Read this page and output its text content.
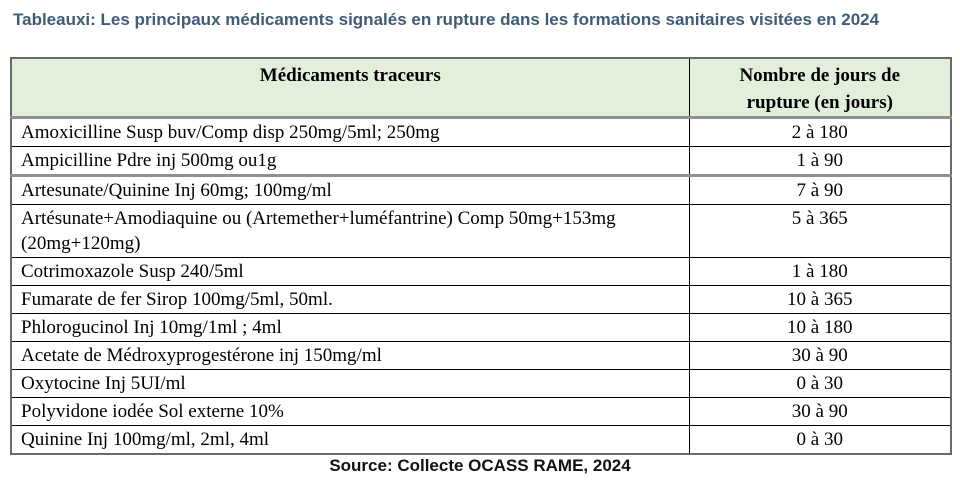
Tableauxi: Les principaux médicaments signalés en rupture dans les formations sanitaires visitées en 2024
Médicaments traceurs	Nombre de jours de
rupture (en jours)
Amoxicilline Susp buv/Comp disp 250mg/5ml; 250mg	2 à 180
Ampicilline Pdre inj 500mg ou1g	1 à 90
Artesunate/Quinine Inj 60mg; 100mg/ml	7 à 90
Artésunate+Amodiaquine ou (Artemether+luméfantrine) Comp 50mg+153mg (20mg+120mg)	5 à 365
Cotrimoxazole Susp 240/5ml	1 à 180
Fumarate de fer Sirop 100mg/5ml, 50ml.	10 à 365
Phlorogucinol Inj 10mg/1ml ; 4ml	10 à 180
Acetate de Médroxyprogestérone inj 150mg/ml	30 à 90
Oxytocine Inj 5UI/ml	0 à 30
Polyvidone iodée Sol externe 10%	30 à 90
Quinine Inj 100mg/ml, 2ml, 4ml	0 à 30
Source: Collecte OCASS RAME, 2024
